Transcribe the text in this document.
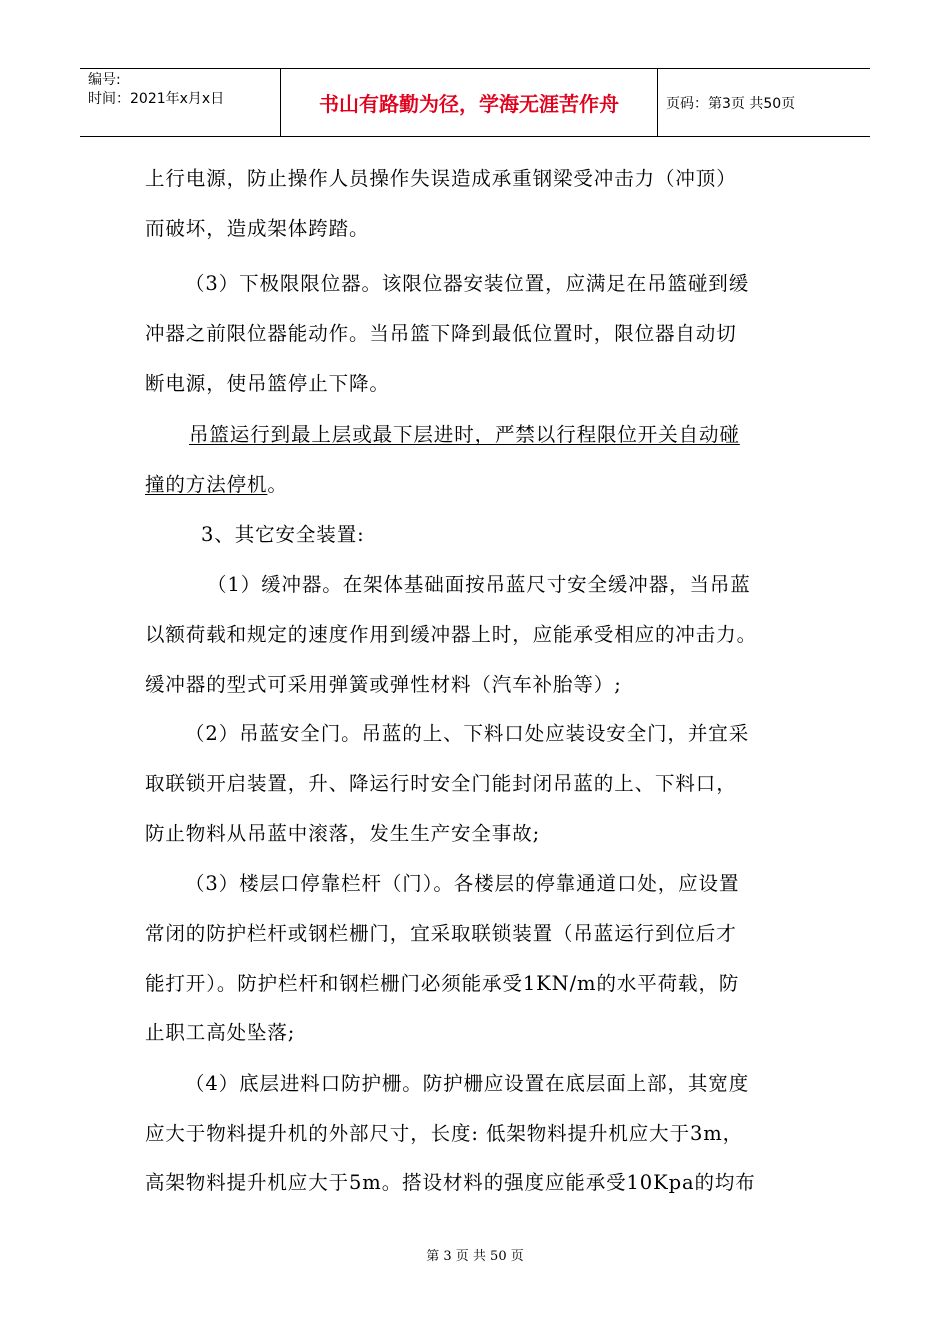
编号:
时间：2021年x月x日	书山有路勤为径，学海无涯苦作舟	页码：第3页 共50页
上行电源，防止操作人员操作失误造成承重钢梁受冲击力（冲顶）
而破坏，造成架体跨踏。
（3）下极限限位器。该限位器安装位置，应满足在吊篮碰到缓
冲器之前限位器能动作。当吊篮下降到最低位置时，限位器自动切
断电源，使吊篮停止下降。
吊篮运行到最上层或最下层进时，严禁以行程限位开关自动碰
撞的方法停机。
3、其它安全装置:
（1）缓冲器。在架体基础面按吊蓝尺寸安全缓冲器，当吊蓝
以额荷载和规定的速度作用到缓冲器上时，应能承受相应的冲击力。
缓冲器的型式可采用弹簧或弹性材料（汽车补胎等）;
（2）吊蓝安全门。吊蓝的上、下料口处应装设安全门，并宜采
取联锁开启装置，升、降运行时安全门能封闭吊蓝的上、下料口，
防止物料从吊蓝中滚落，发生生产安全事故;
（3）楼层口停靠栏杆（门）。各楼层的停靠通道口处，应设置
常闭的防护栏杆或钢栏栅门，宜采取联锁装置（吊蓝运行到位后才
能打开）。防护栏杆和钢栏栅门必须能承受1KN/m的水平荷载，防
止职工高处坠落;
（4）底层进料口防护栅。防护栅应设置在底层面上部，其宽度
应大于物料提升机的外部尺寸，长度: 低架物料提升机应大于3m，
高架物料提升机应大于5m。搭设材料的强度应能承受10Kpa的均布
第 3 页 共 50 页
